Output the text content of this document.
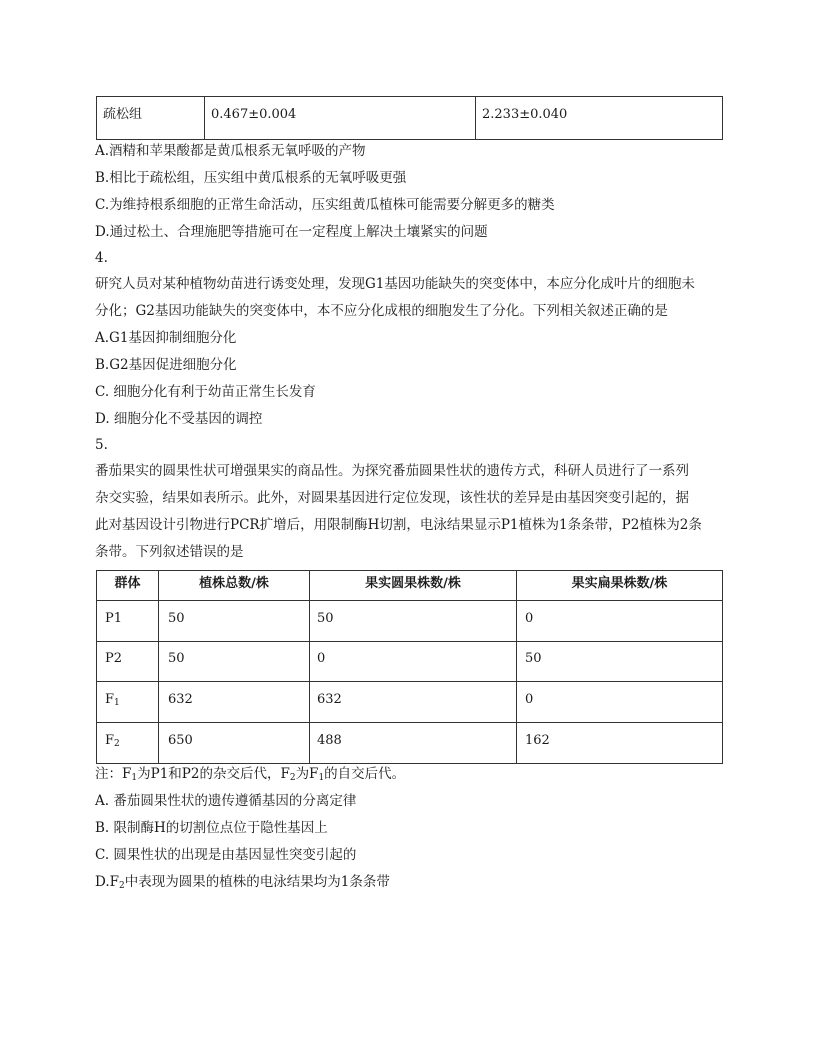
疏松组	0.467±0.004	2.233±0.040
A.酒精和苹果酸都是黄瓜根系无氧呼吸的产物
B.相比于疏松组，压实组中黄瓜根系的无氧呼吸更强
C.为维持根系细胞的正常生命活动，压实组黄瓜植株可能需要分解更多的糖类
D.通过松土、合理施肥等措施可在一定程度上解决土壤紧实的问题
4.
研究人员对某种植物幼苗进行诱变处理，发现G1基因功能缺失的突变体中，本应分化成叶片的细胞未
分化；G2基因功能缺失的突变体中，本不应分化成根的细胞发生了分化。下列相关叙述正确的是
A.G1基因抑制细胞分化
B.G2基因促进细胞分化
C. 细胞分化有利于幼苗正常生长发育
D. 细胞分化不受基因的调控
5.
番茄果实的圆果性状可增强果实的商品性。为探究番茄圆果性状的遗传方式，科研人员进行了一系列
杂交实验，结果如表所示。此外，对圆果基因进行定位发现，该性状的差异是由基因突变引起的，据
此对基因设计引物进行PCR扩增后，用限制酶H切割，电泳结果显示P1植株为1条条带，P2植株为2条
条带。下列叙述错误的是
群体	植株总数/株	果实圆果株数/株	果实扁果株数/株
P1	50	50	0
P2	50	0	50
$F_1$	632	632	0
$F_2$	650	488	162
注：$F_1$为P1和P2的杂交后代，$F_2$为$F_1$的自交后代。
A. 番茄圆果性状的遗传遵循基因的分离定律
B. 限制酶H的切割位点位于隐性基因上
C. 圆果性状的出现是由基因显性突变引起的
$D.F_2$中表现为圆果的植株的电泳结果均为1条条带
